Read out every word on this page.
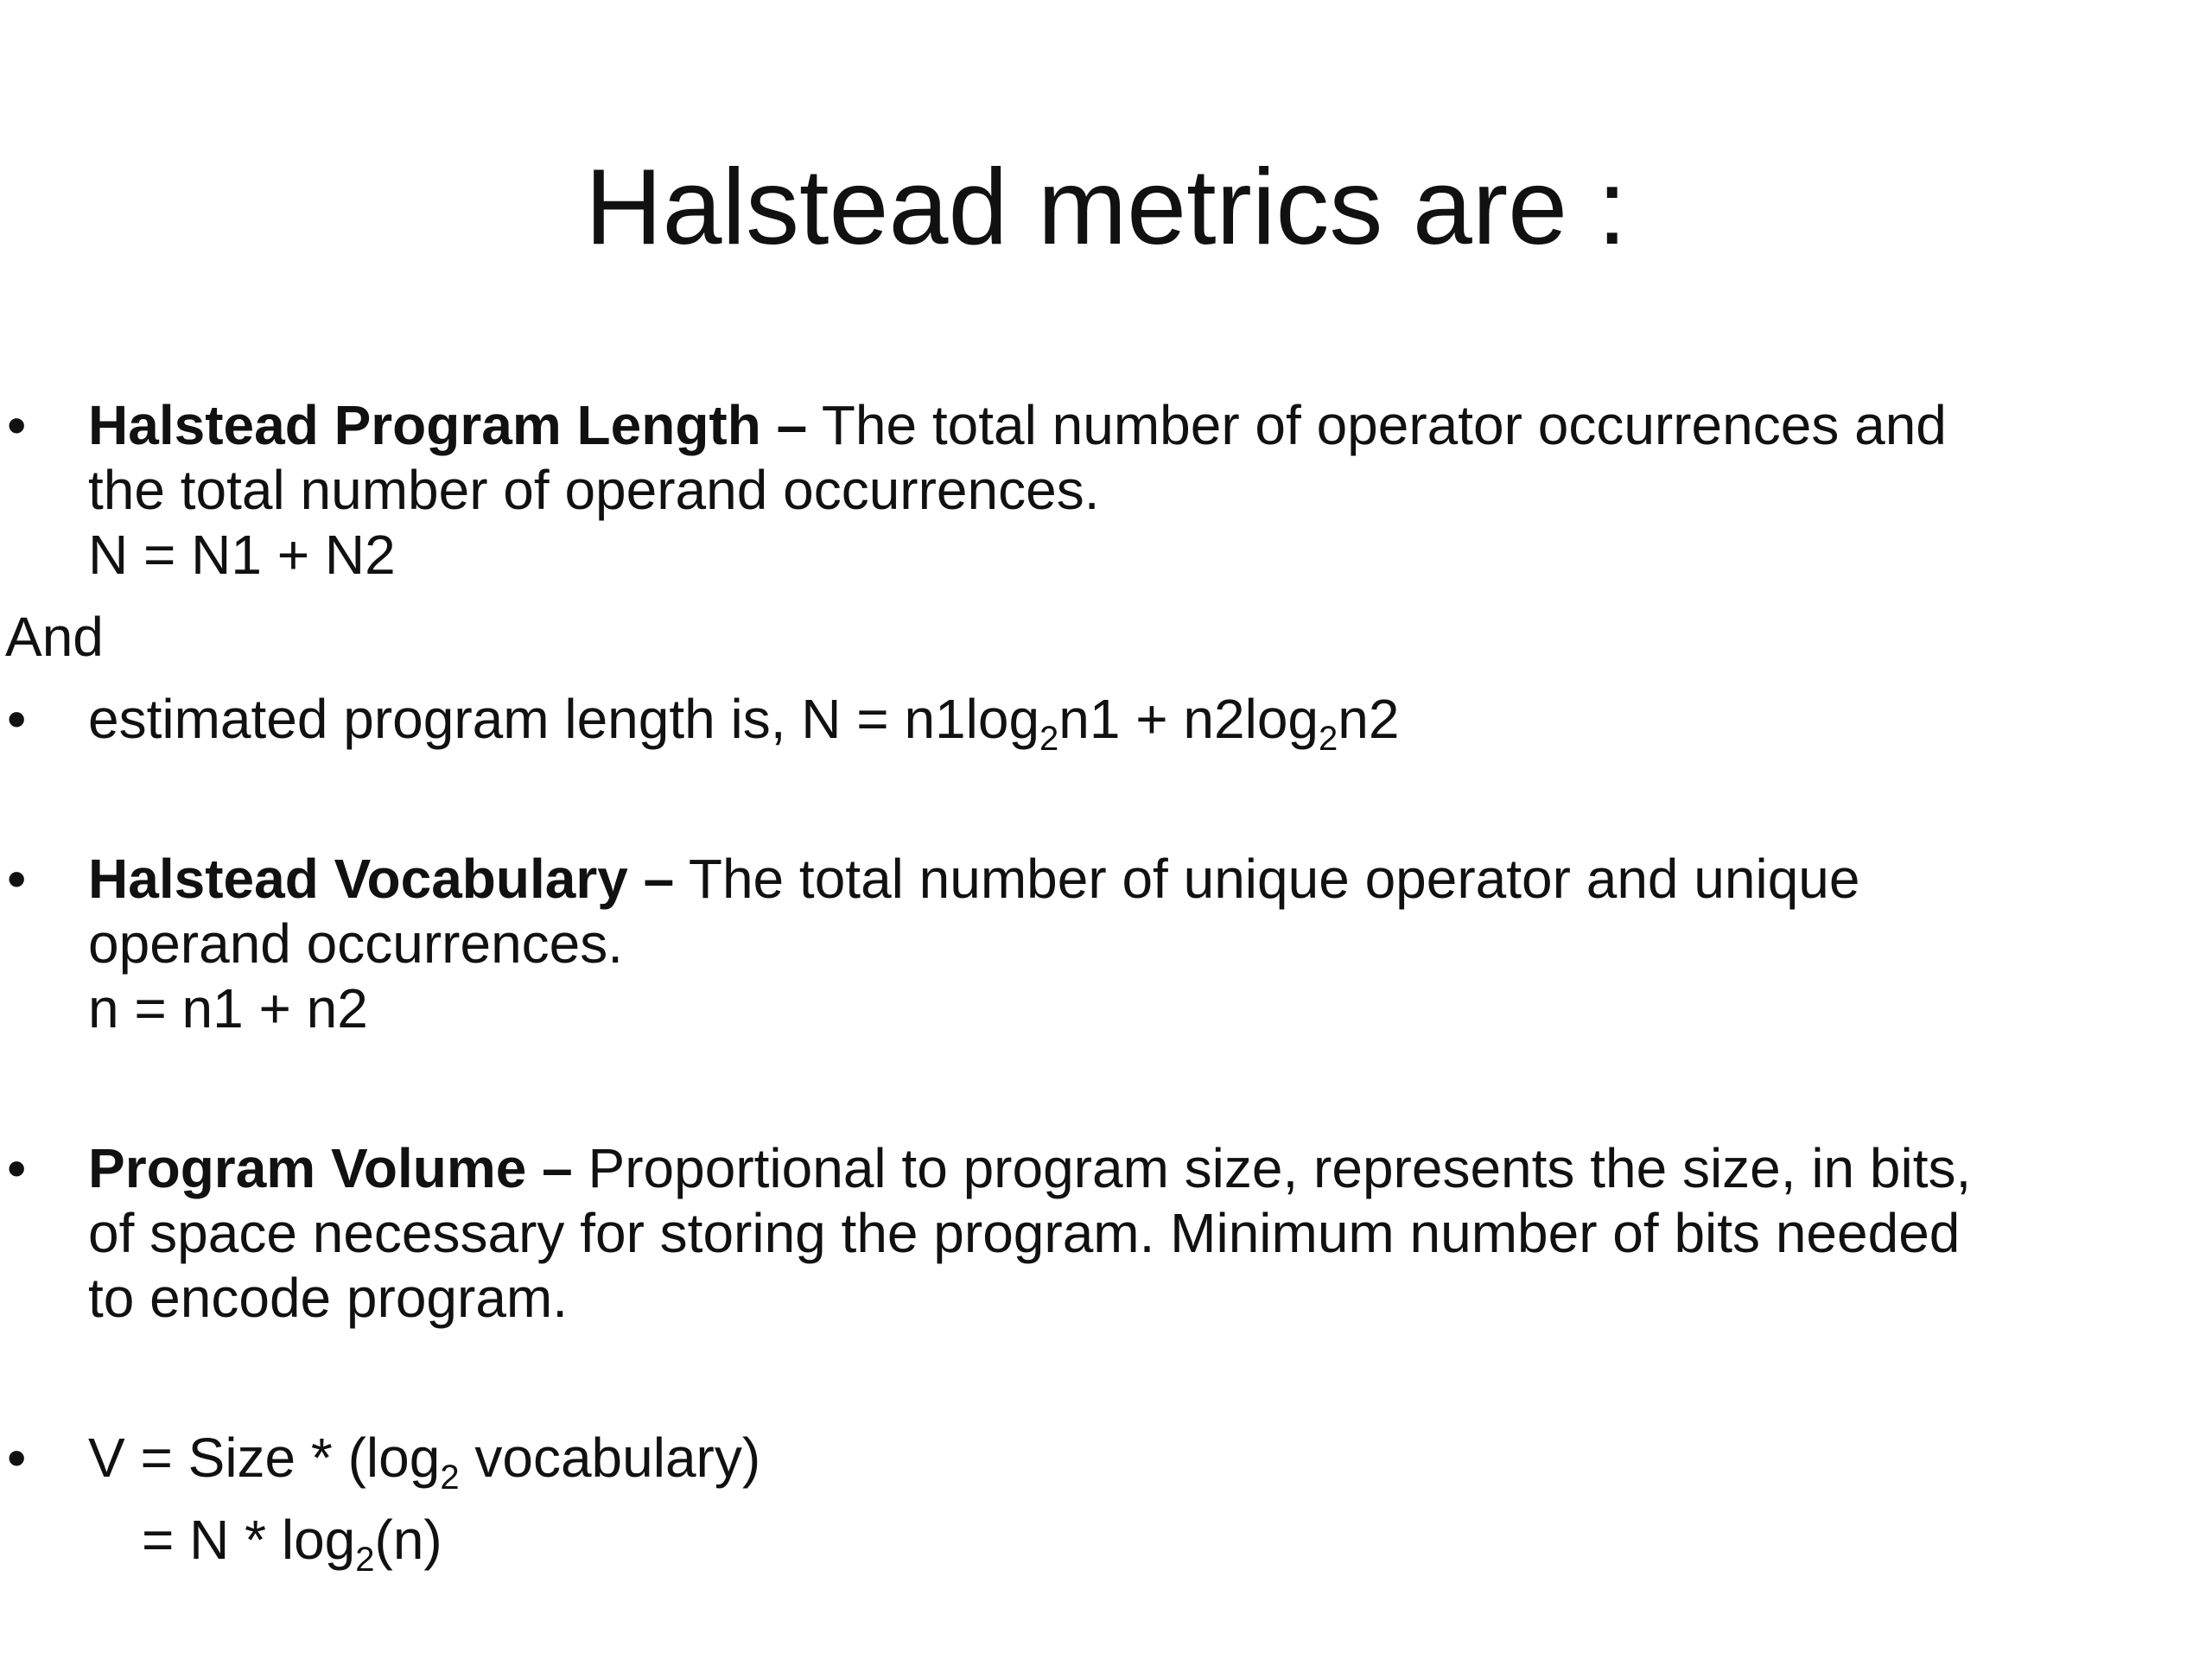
Halstead metrics are :
• Halstead Program Length – The total number of operator occurrences and
the total number of operand occurrences.
N = N1 + N2
And
• estimated program length is, $N = n1\log_2n1 + n2\log_2n2$
• Halstead Vocabulary – The total number of unique operator and unique
operand occurrences.
n = n1 + n2
• Program Volume – Proportional to program size, represents the size, in bits,
of space necessary for storing the program. Minimum number of bits needed
to encode program.
• V = Size * ($\log_2$ vocabulary)
= N * $\log_2(n)$
